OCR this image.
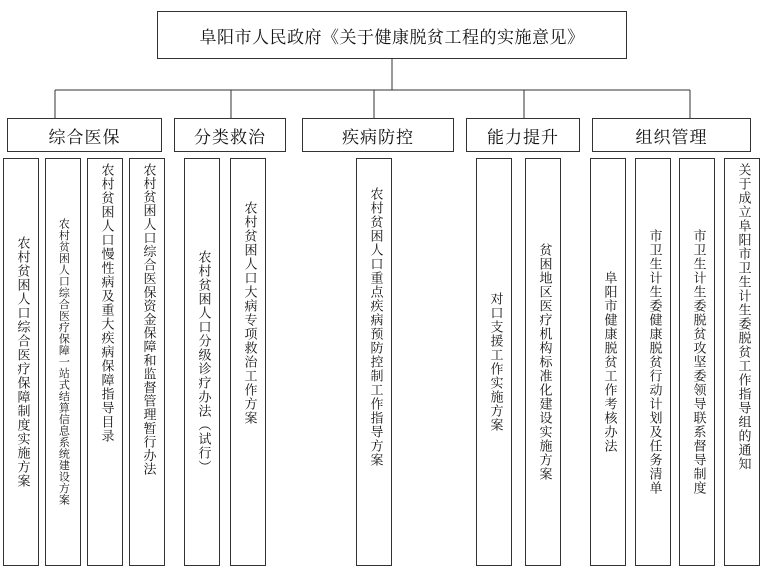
阜阳市人民政府《关于健康脱贫工程的实施意见》
综合医保	分类救治	疾病防控	能力提升	组织管理
农村贫困人口综合医疗保障制度实施方案	农村贫困人口综合医疗保障一站式结算信息系统建设方案 农村贫困人口慢性病及重大疾病保障指导目录 农村贫困人口综合医保资金保障和监督管理暂行办法	农村贫困人口分级诊疗办法（试行） 农村贫困人口大病专项救治工作方案	农村贫困人口重点疾病预防控制工作指导方案	对口支援工作实施方案	贫困地区医疗机构标准化建设实施方案	阜阳市健康脱贫工作考核办法 市卫生计生委健康脱贫行动计划及任务清单 市卫生计生委脱贫攻坚委领导联系督导制度 关于成立阜阳市卫生计生委脱贫工作指导组的通知
